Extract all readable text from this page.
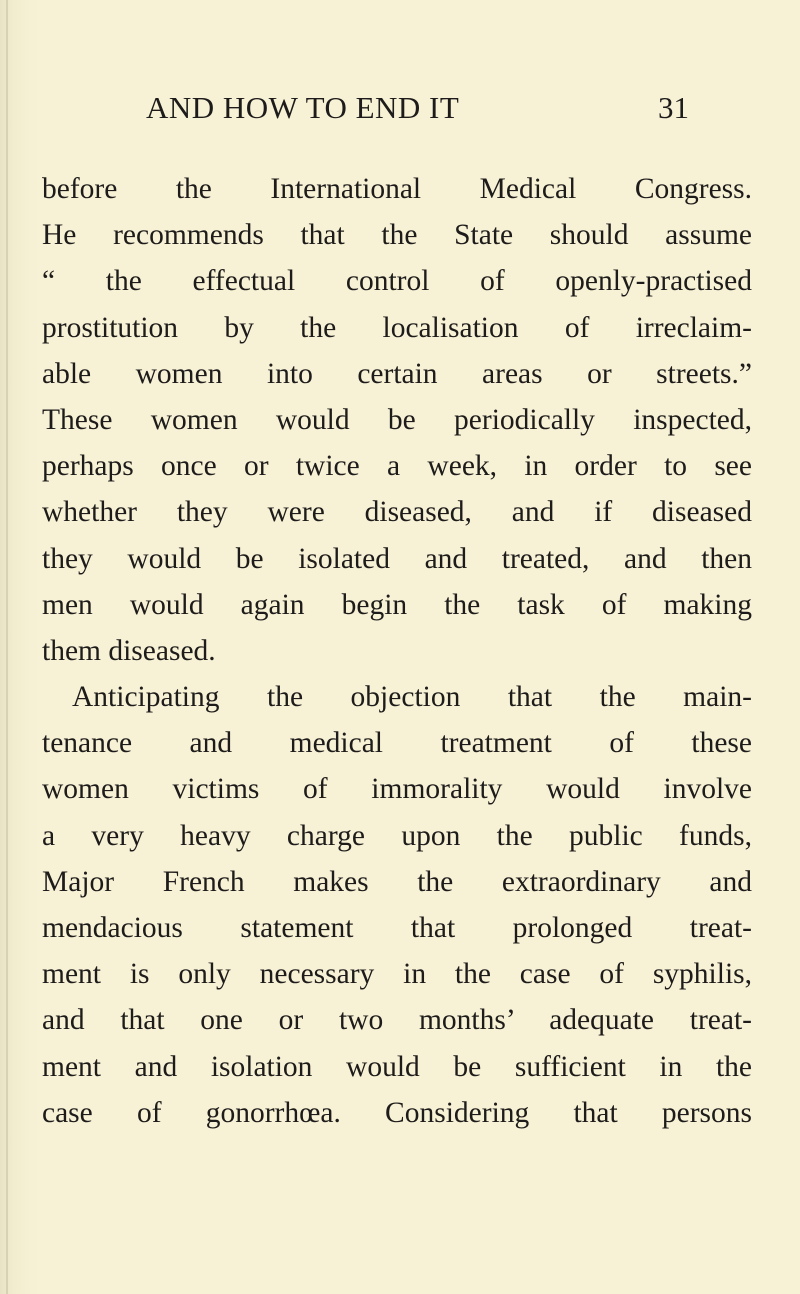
AND HOW TO END IT	31
before the International Medical Congress.
He recommends that the State should assume
“ the effectual control of openly-practised
prostitution by the localisation of irreclaim-
able women into certain areas or streets.”
These women would be periodically inspected,
perhaps once or twice a week, in order to see
whether they were diseased, and if diseased
they would be isolated and treated, and then
men would again begin the task of making
them diseased.
Anticipating the objection that the main-
tenance and medical treatment of these
women victims of immorality would involve
a very heavy charge upon the public funds,
Major French makes the extraordinary and
mendacious statement that prolonged treat-
ment is only necessary in the case of syphilis,
and that one or two months’ adequate treat-
ment and isolation would be sufficient in the
case of gonorrhœa. Considering that persons
